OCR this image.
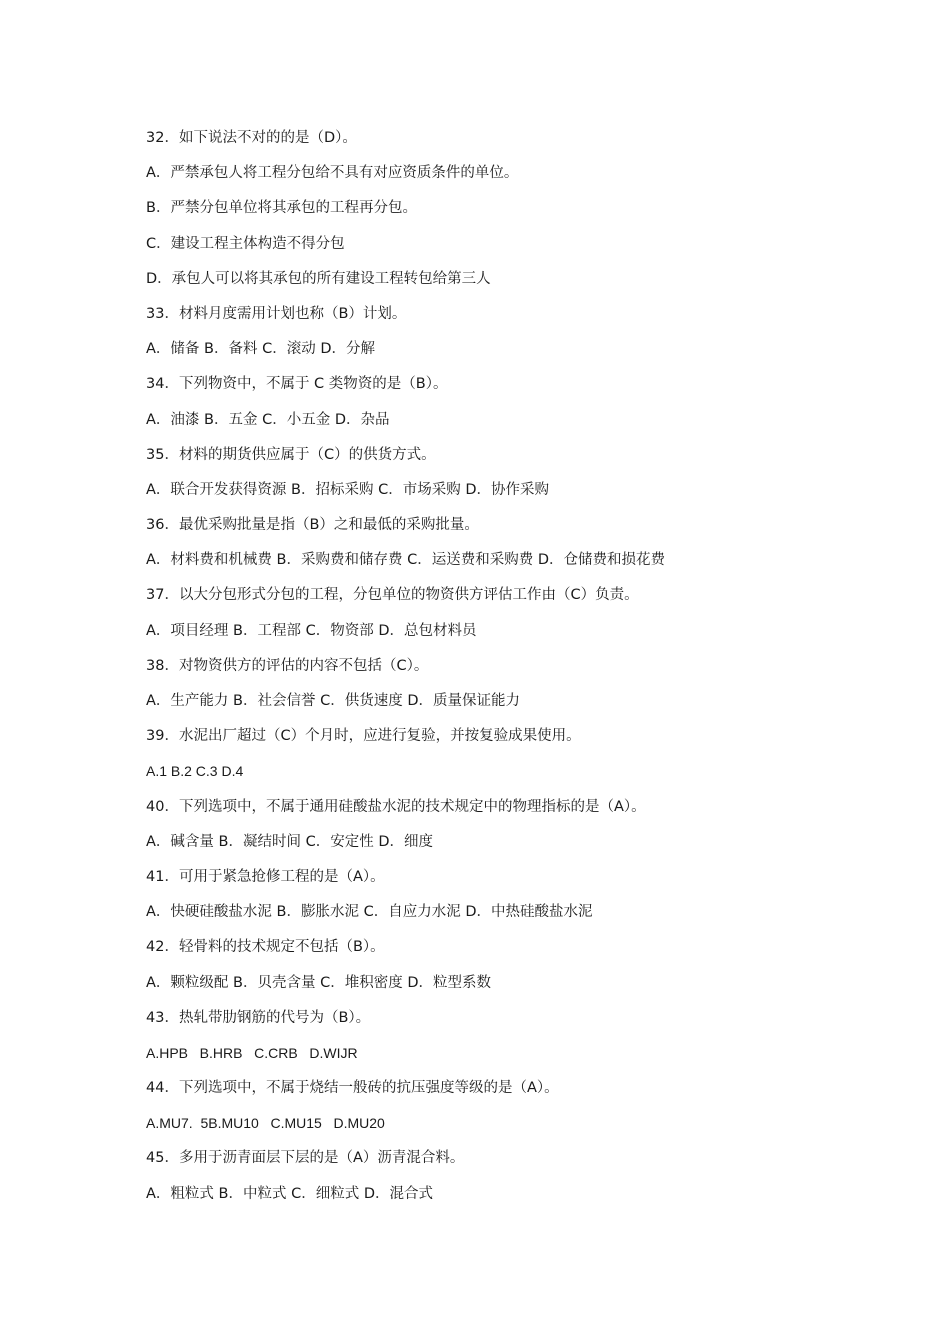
32．如下说法不对的的是（D）。
A．严禁承包人将工程分包给不具有对应资质条件的单位。
B．严禁分包单位将其承包的工程再分包。
C．建设工程主体构造不得分包
D．承包人可以将其承包的所有建设工程转包给第三人
33．材料月度需用计划也称（B）计划。
A．储备 B．备料 C．滚动 D．分解
34．下列物资中，不属于 C 类物资的是（B）。
A．油漆 B．五金 C．小五金 D．杂品
35．材料的期货供应属于（C）的供货方式。
A．联合开发获得资源 B．招标采购 C．市场采购 D．协作采购
36．最优采购批量是指（B）之和最低的采购批量。
A．材料费和机械费 B．采购费和储存费 C．运送费和采购费 D．仓储费和损花费
37．以大分包形式分包的工程，分包单位的物资供方评估工作由（C）负责。
A．项目经理 B．工程部 C．物资部 D．总包材料员
38．对物资供方的评估的内容不包括（C）。
A．生产能力 B．社会信誉 C．供货速度 D．质量保证能力
39．水泥出厂超过（C）个月时，应进行复验，并按复验成果使用。
A.1 B.2 C.3 D.4
40．下列选项中，不属于通用硅酸盐水泥的技术规定中的物理指标的是（A）。
A．碱含量 B．凝结时间 C．安定性 D．细度
41．可用于紧急抢修工程的是（A）。
A．快硬硅酸盐水泥 B．膨胀水泥 C．自应力水泥 D．中热硅酸盐水泥
42．轻骨料的技术规定不包括（B）。
A．颗粒级配 B．贝壳含量 C．堆积密度 D．粒型系数
43．热轧带肋钢筋的代号为（B）。
A.HPB   B.HRB   C.CRB   D.WIJR
44．下列选项中，不属于烧结一般砖的抗压强度等级的是（A）。
A.MU7.  5B.MU10   C.MU15   D.MU20
45．多用于沥青面层下层的是（A）沥青混合料。
A．粗粒式 B．中粒式 C．细粒式 D．混合式
